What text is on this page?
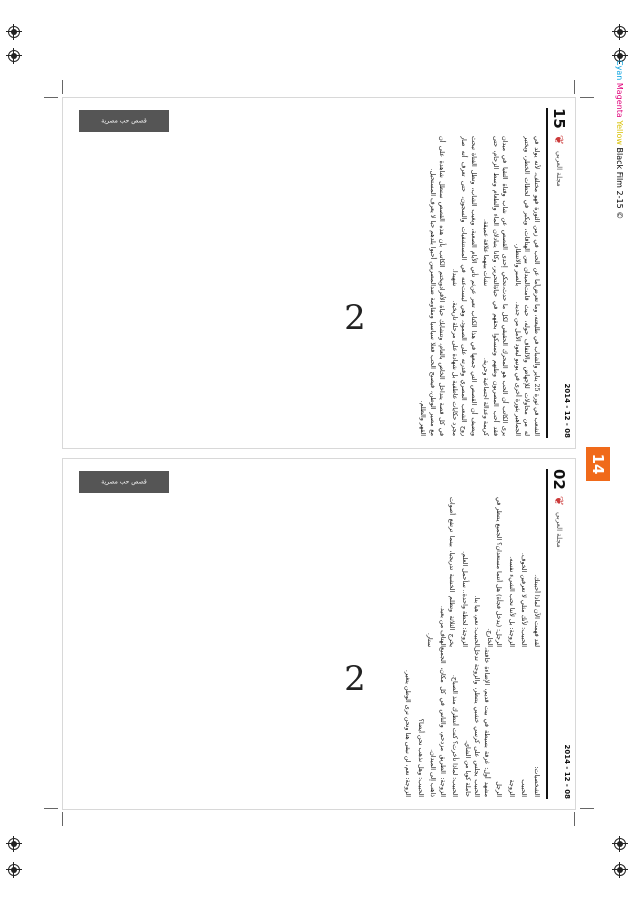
Cyan Magenta Yellow Black Film 2-15 ©
14
15
❦
مجلة العربي
2014 - 12 - 08

الشعب في ثورة 25 يناير والشباب في طليعته، وما تعرض له من محاولات للإجهاض والالتفاف حوله، حيث قامت الجماهير بثورة أخرى في يونيو ليعود الأمل من جديد.

يرى الكاتب أن الحب هو المحرك الحقيقي لكل ما حدث، فقد أحب المصريون وطنهم وتمسكوا بحقهم في حياة كريمة وعدالة اجتماعية وحرية.

ويضيف أن القصص التي جمعها في هذا الكتاب تعبر عن روح الشعب المصري وقدرته على الصمود، وهي ليست مجرد حكايات عاطفية بل شهادة على مرحلة تاريخية.

في كل قصة يتداخل الخاص بالعام، وتتشابك حياة الأفراد مع مصير الوطن، فيصبح الحب فعلا سياسيا ومقاومة ضد القهر والظلم.

أما عن الحب في زمن الثورة فهو مختلف، لأنه يولد في الميدان بين الهتافات، ويكبر في لحظات الخطر، ويختبر بالصبر والانتظار.

تحكي إحدى القصص عن شاب وفتاة التقيا في ميدان التحرير، وكانا يتبادلان الماء والطعام وسط الزحام، حتى نشأت بينهما علاقة عميقة.

ثم تأتي الأيام الصعبة، ويغيب الشاب، وتظل الفتاة تبحث عنه في المستشفيات والسجون، حتى تعرف أنه صار شهيدا.

ويختم الكاتب بأن هذه القصص ستظل شاهدة على أن المصريين أحبوا بلدهم حبا لا يعرف المستحيل.

2
قصص حب مصرية
02
❦
مجلة العربي
2014 - 12 - 08

الشخصيات:

الحبيب

الزوجة

الرجل

مشهد أول: غرفة بسيطة في بيت قديم، الإضاءة خافتة، الحبيب يجلس على كرسي خشبي ينتظر، والزوجة تدخل حاملة كوبا من الشاي.

الحبيب: لماذا تأخرت؟ كنت أنتظرك منذ الصباح.

الزوجة: الطريق مزدحم، والناس في كل مكان، الجميع ذاهب إلى الميدان.

الحبيب: وهل نذهب نحن أيضا؟

الزوجة: نعم، لن نبقى هنا ونحن نرى الوطن يتغير.

لقد فهمت الآن لماذا أحببتك.

الحبيب: لأنك مثلي لا تعرفين الخوف.

الزوجة: بل لأننا نحب الشيء نفسه.

الرجل: (يدخل فجأة) هل أنتما مستعدان؟ الجميع ينتظر في الخارج.

الحبيب: نعم، هيا بنا.

الزوجة: لحظة واحدة.. سأحمل العلم.

يخرج الثلاثة وتظلم الخشبة تدريجيا، بينما ترتفع أصوات الهتاف من بعيد.

ستار.

2
قصص حب مصرية
